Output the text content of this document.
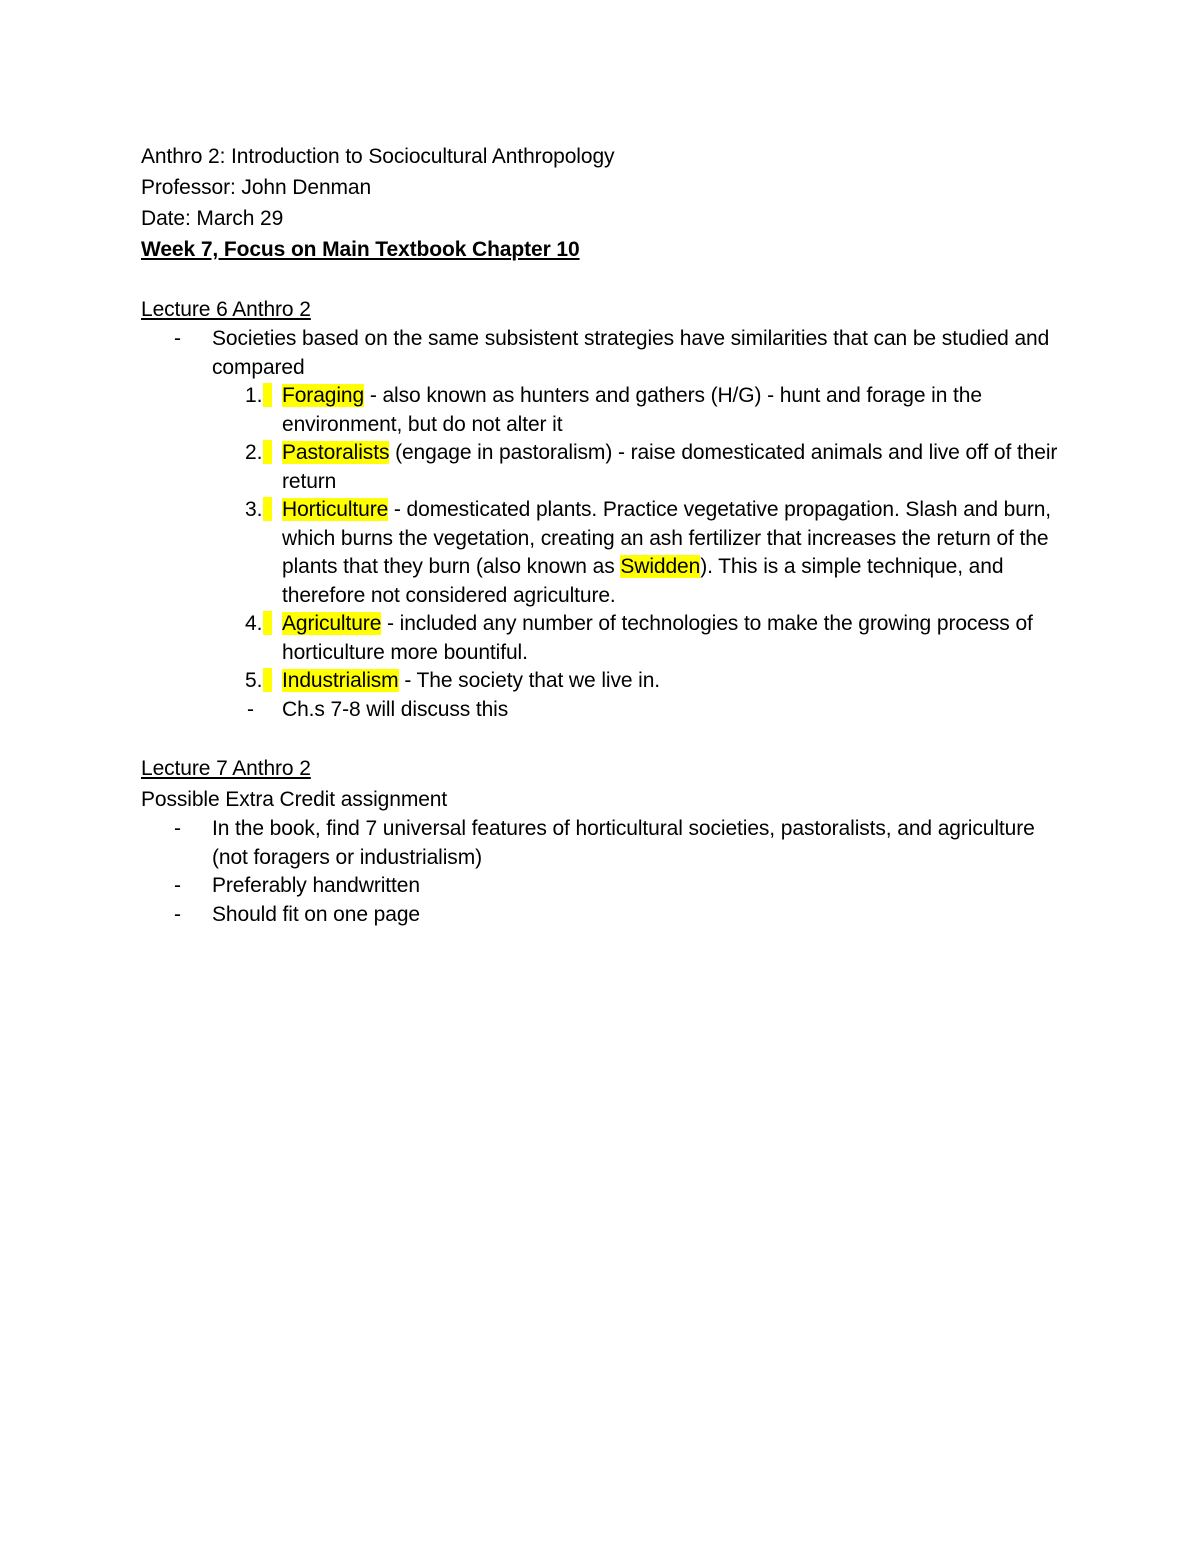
Anthro 2: Introduction to Sociocultural Anthropology

Professor: John Denman

Date: March 29

Week 7, Focus on Main Textbook Chapter 10

Lecture 6 Anthro 2

- Societies based on the same subsistent strategies have similarities that can be studied and compared
1. Foraging - also known as hunters and gathers (H/G) - hunt and forage in the environment, but do not alter it
2. Pastoralists (engage in pastoralism) - raise domesticated animals and live off of their return
3. Horticulture - domesticated plants. Practice vegetative propagation. Slash and burn, which burns the vegetation, creating an ash fertilizer that increases the return of the plants that they burn (also known as Swidden). This is a simple technique, and therefore not considered agriculture.
4. Agriculture - included any number of technologies to make the growing process of horticulture more bountiful.
5. Industrialism - The society that we live in.
- Ch.s 7-8 will discuss this

Lecture 7 Anthro 2

Possible Extra Credit assignment

- In the book, find 7 universal features of horticultural societies, pastoralists, and agriculture (not foragers or industrialism)
- Preferably handwritten
- Should fit on one page
